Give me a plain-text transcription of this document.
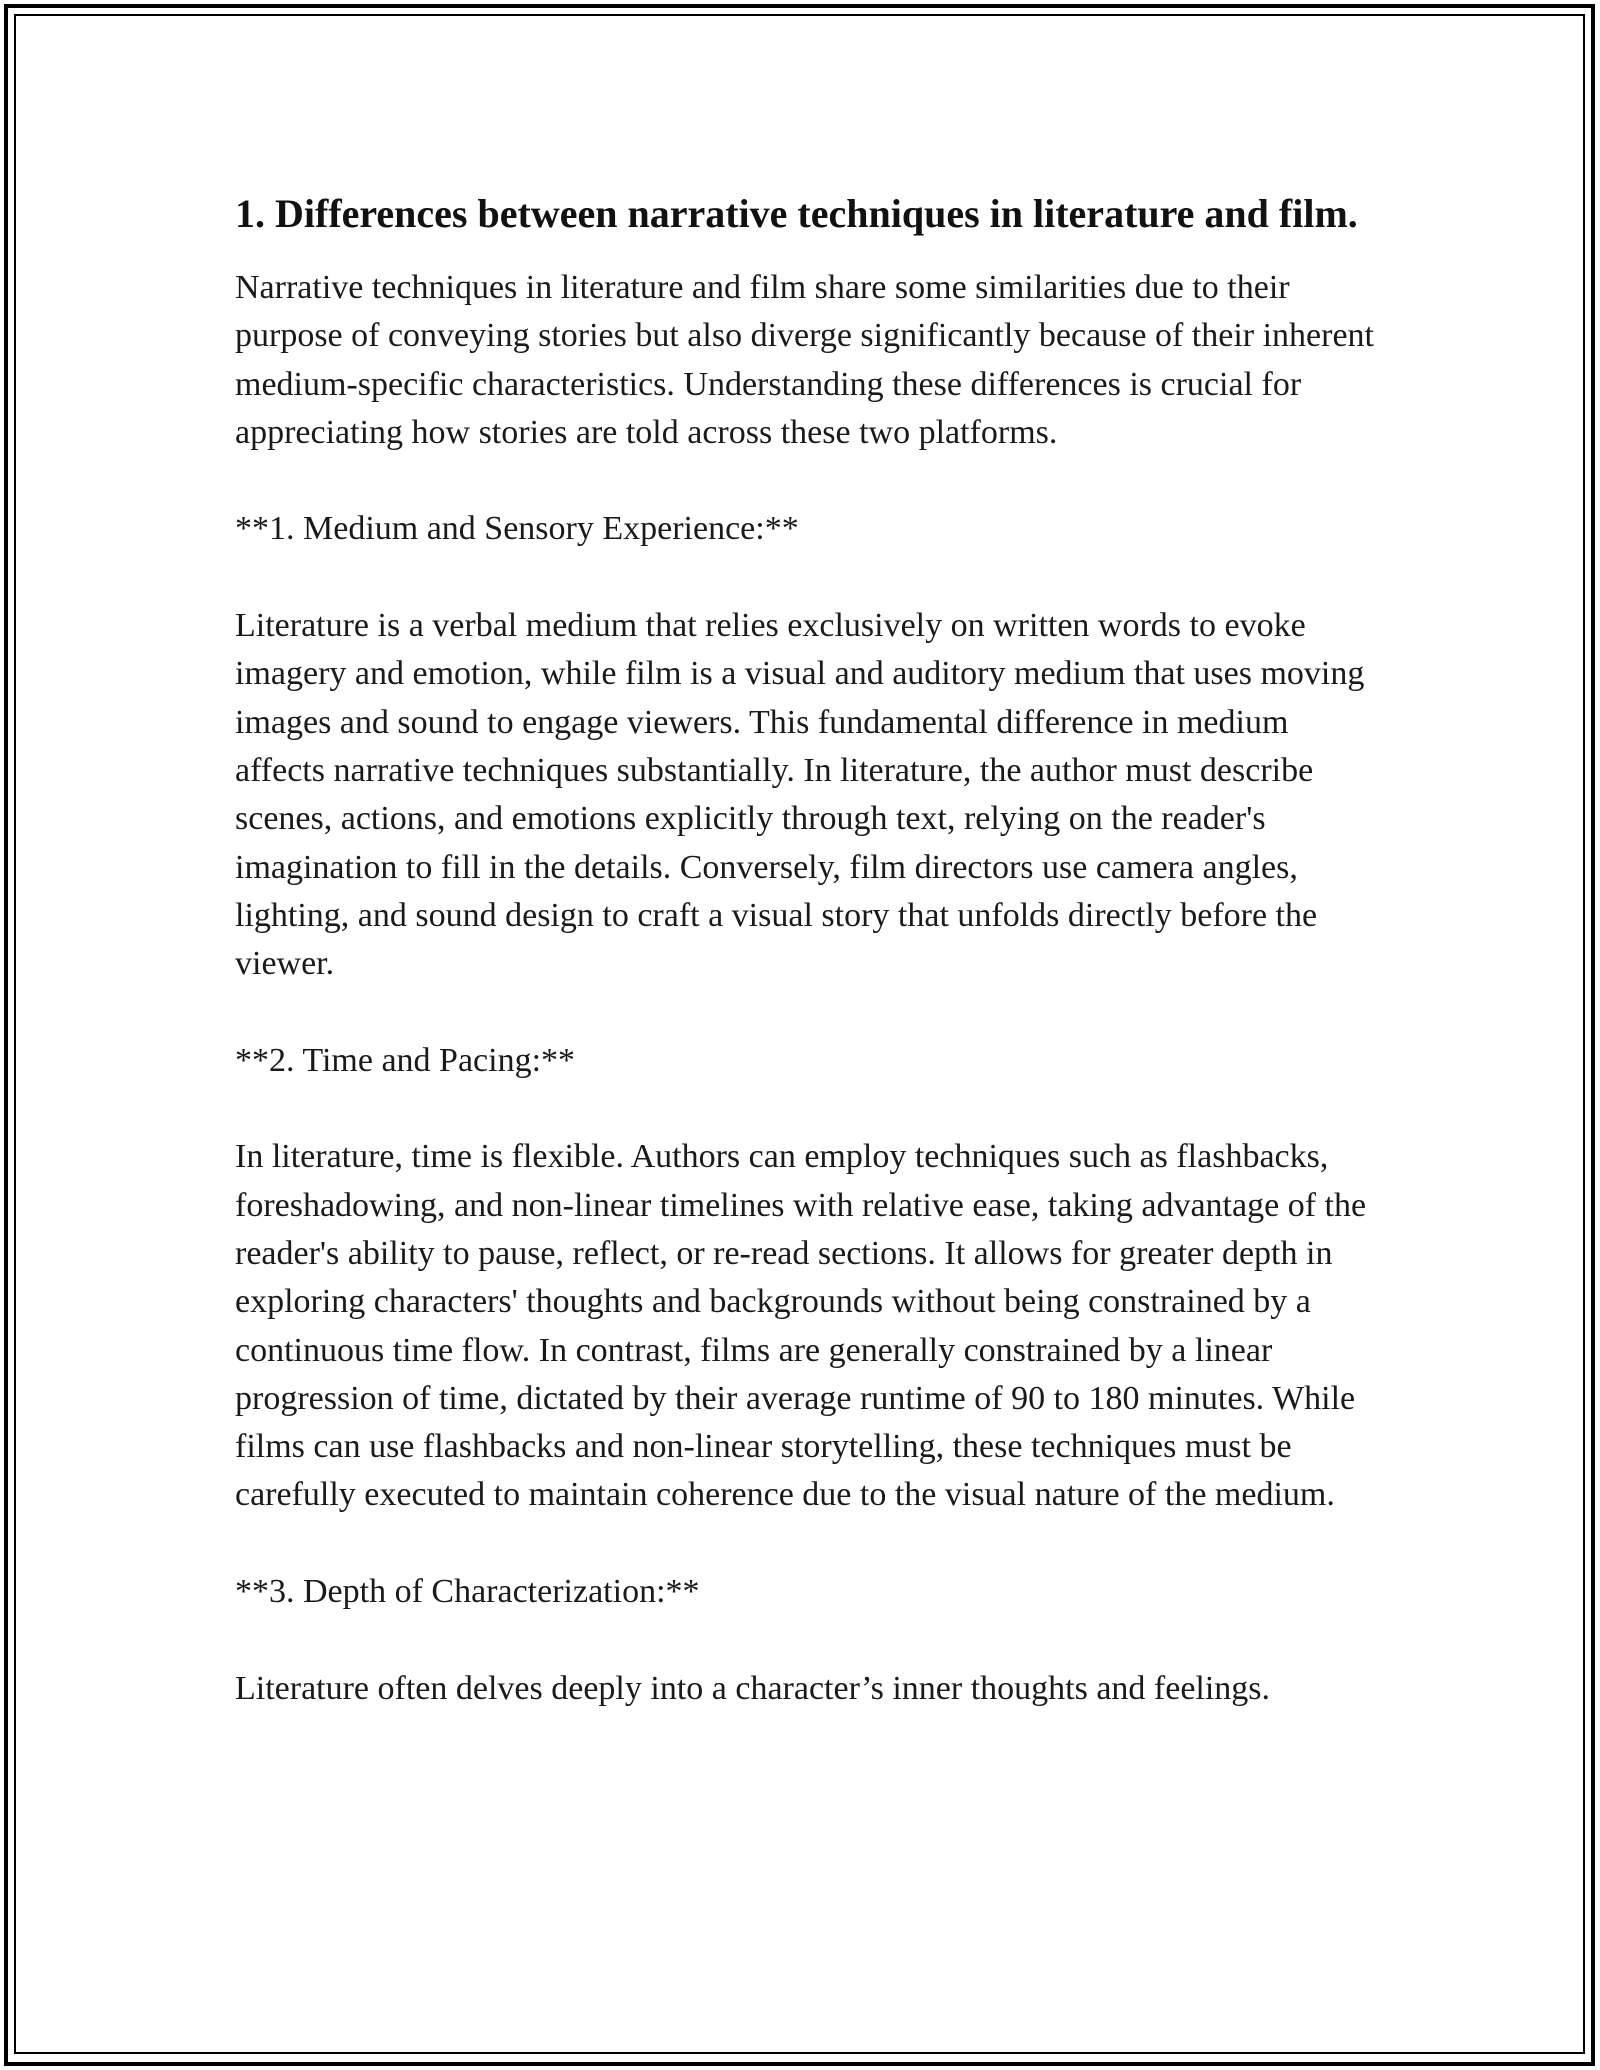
1. Differences between narrative techniques in literature and film.

Narrative techniques in literature and film share some similarities due to their purpose of conveying stories but also diverge significantly because of their inherent medium-specific characteristics. Understanding these differences is crucial for appreciating how stories are told across these two platforms.

**1. Medium and Sensory Experience:**

Literature is a verbal medium that relies exclusively on written words to evoke imagery and emotion, while film is a visual and auditory medium that uses moving images and sound to engage viewers. This fundamental difference in medium affects narrative techniques substantially. In literature, the author must describe scenes, actions, and emotions explicitly through text, relying on the reader's imagination to fill in the details. Conversely, film directors use camera angles, lighting, and sound design to craft a visual story that unfolds directly before the viewer.

**2. Time and Pacing:**

In literature, time is flexible. Authors can employ techniques such as flashbacks, foreshadowing, and non-linear timelines with relative ease, taking advantage of the reader's ability to pause, reflect, or re-read sections. It allows for greater depth in exploring characters' thoughts and backgrounds without being constrained by a continuous time flow. In contrast, films are generally constrained by a linear progression of time, dictated by their average runtime of 90 to 180 minutes. While films can use flashbacks and non-linear storytelling, these techniques must be carefully executed to maintain coherence due to the visual nature of the medium.

**3. Depth of Characterization:**

Literature often delves deeply into a character’s inner thoughts and feelings.
